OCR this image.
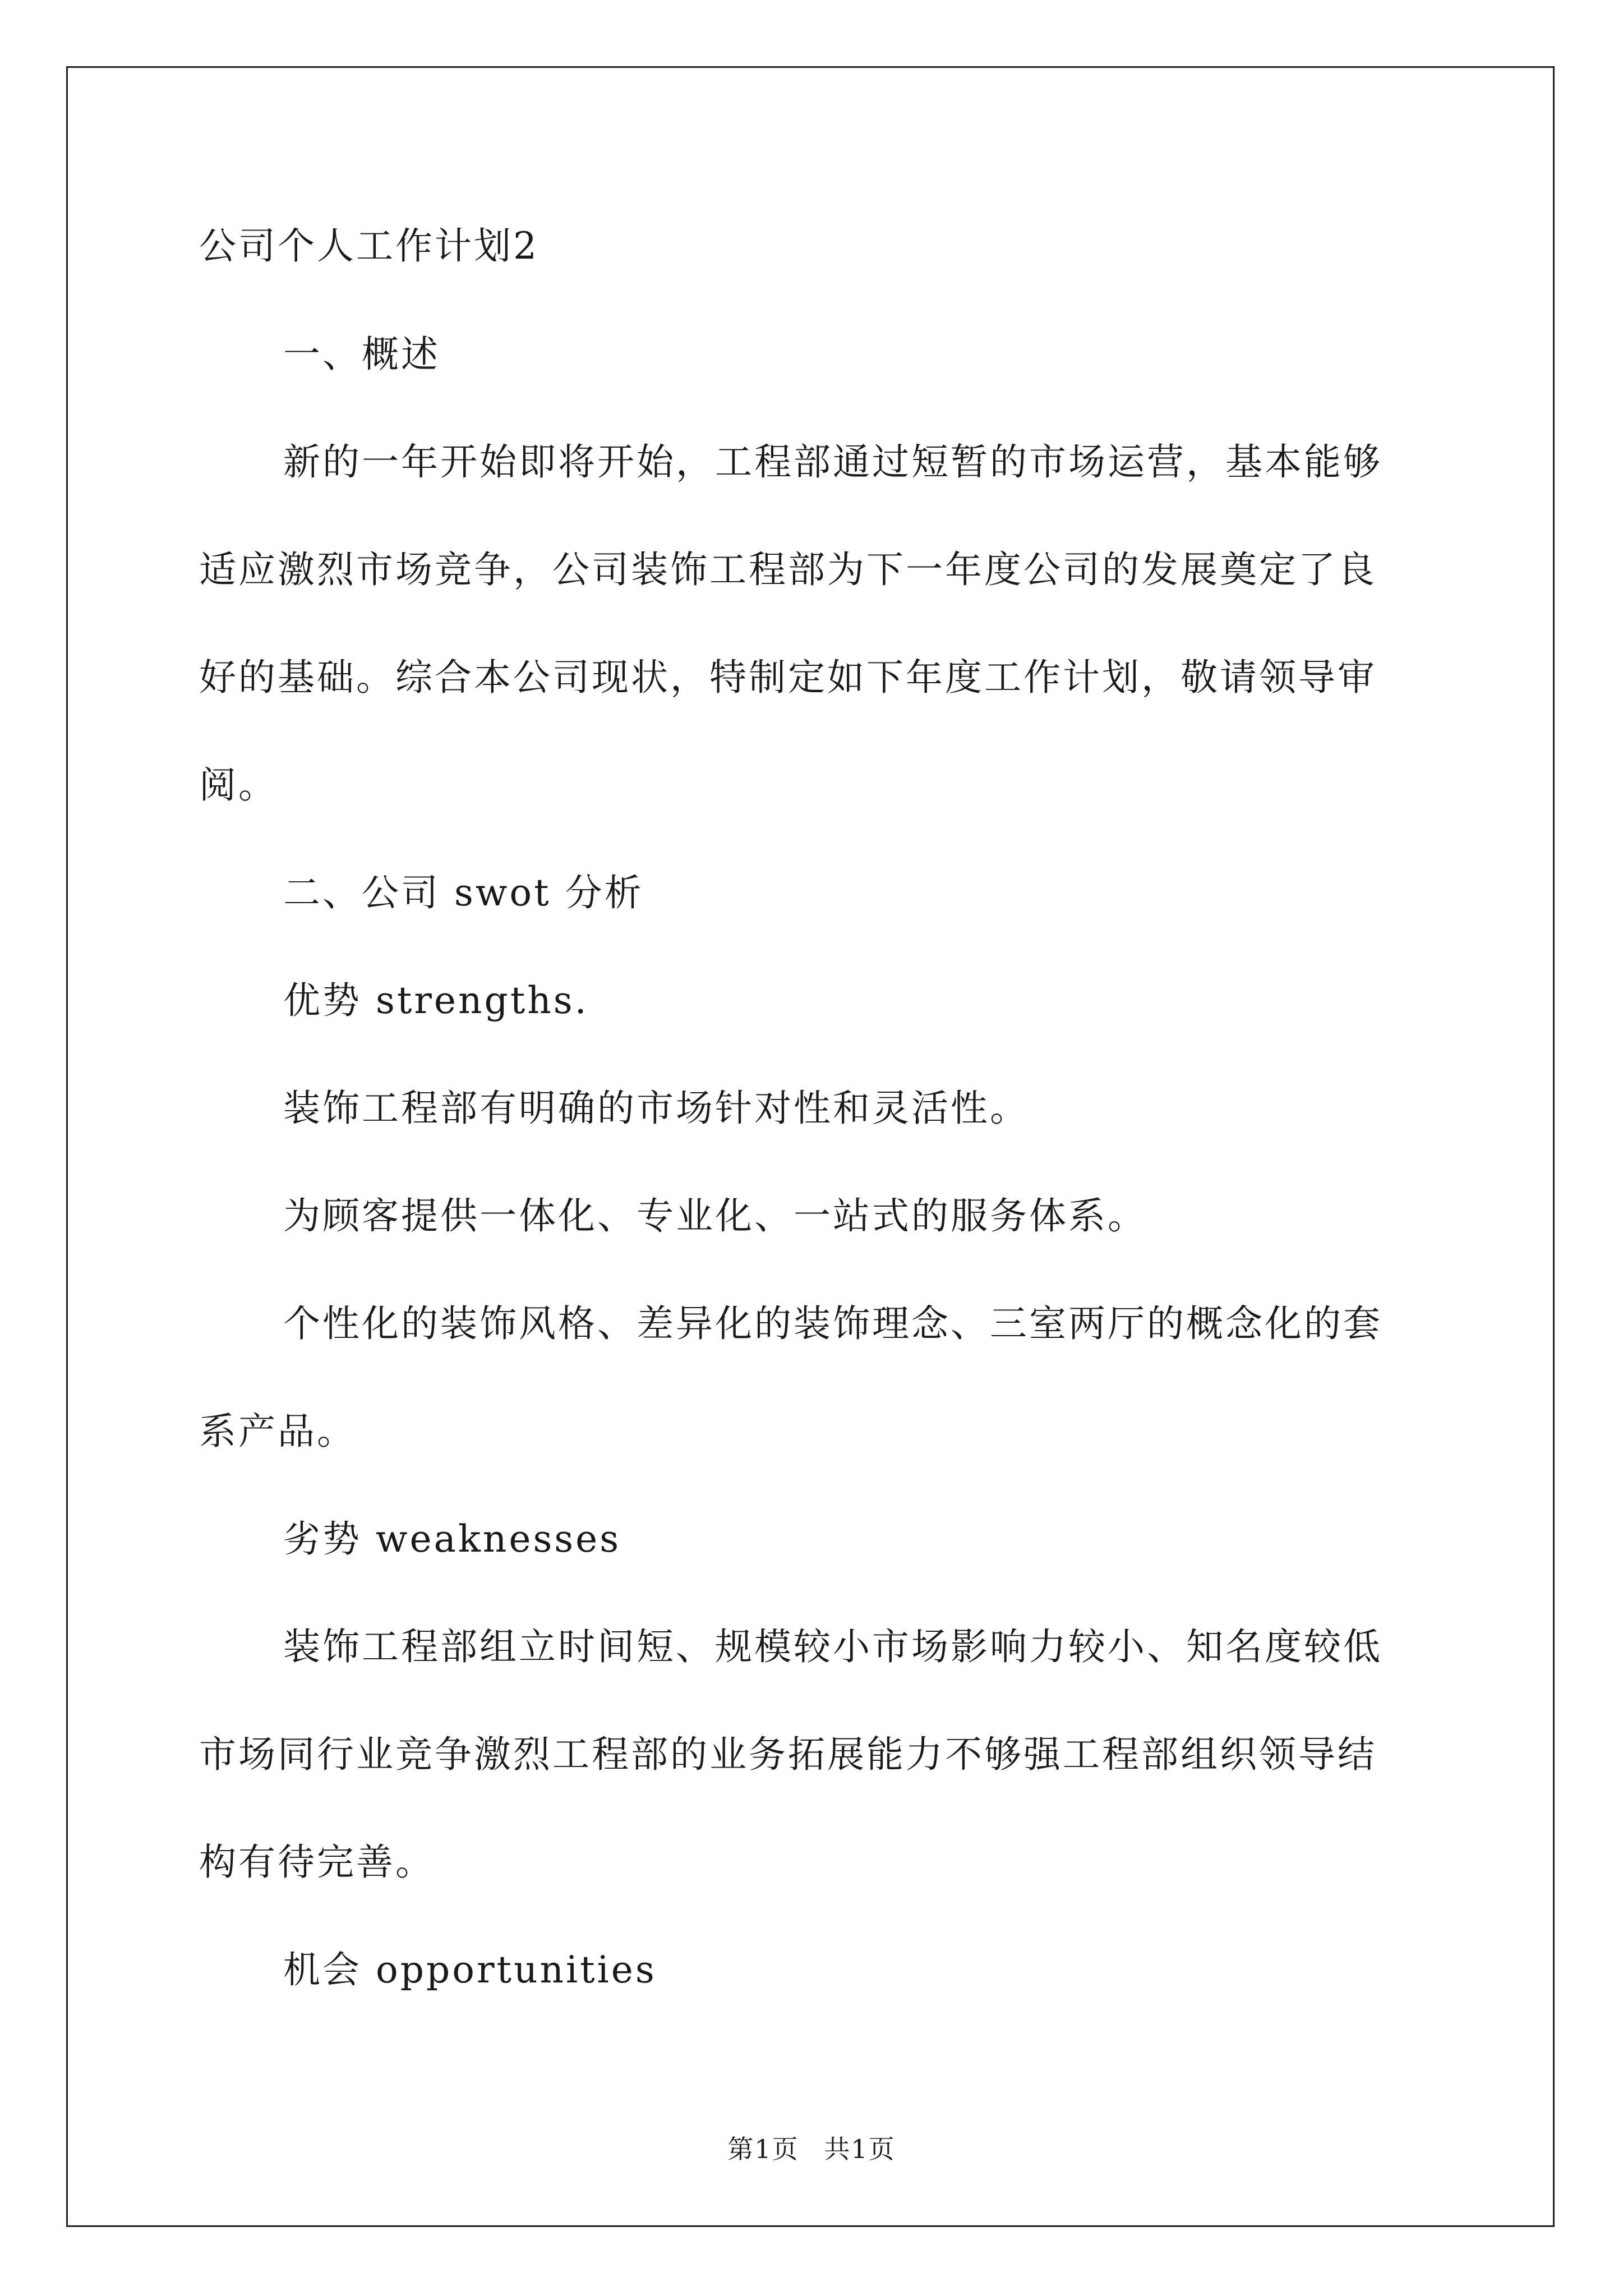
公司个人工作计划2
一、概述
新的一年开始即将开始，工程部通过短暂的市场运营，基本能够
适应激烈市场竞争，公司装饰工程部为下一年度公司的发展奠定了良
好的基础。综合本公司现状，特制定如下年度工作计划，敬请领导审
阅。
二、公司 swot 分析
优势 strengths.
装饰工程部有明确的市场针对性和灵活性。
为顾客提供一体化、专业化、一站式的服务体系。
个性化的装饰风格、差异化的装饰理念、三室两厅的概念化的套
系产品。
劣势 weaknesses
装饰工程部组立时间短、规模较小市场影响力较小、知名度较低
市场同行业竞争激烈工程部的业务拓展能力不够强工程部组织领导结
构有待完善。
机会 opportunities
第1页 共1页
